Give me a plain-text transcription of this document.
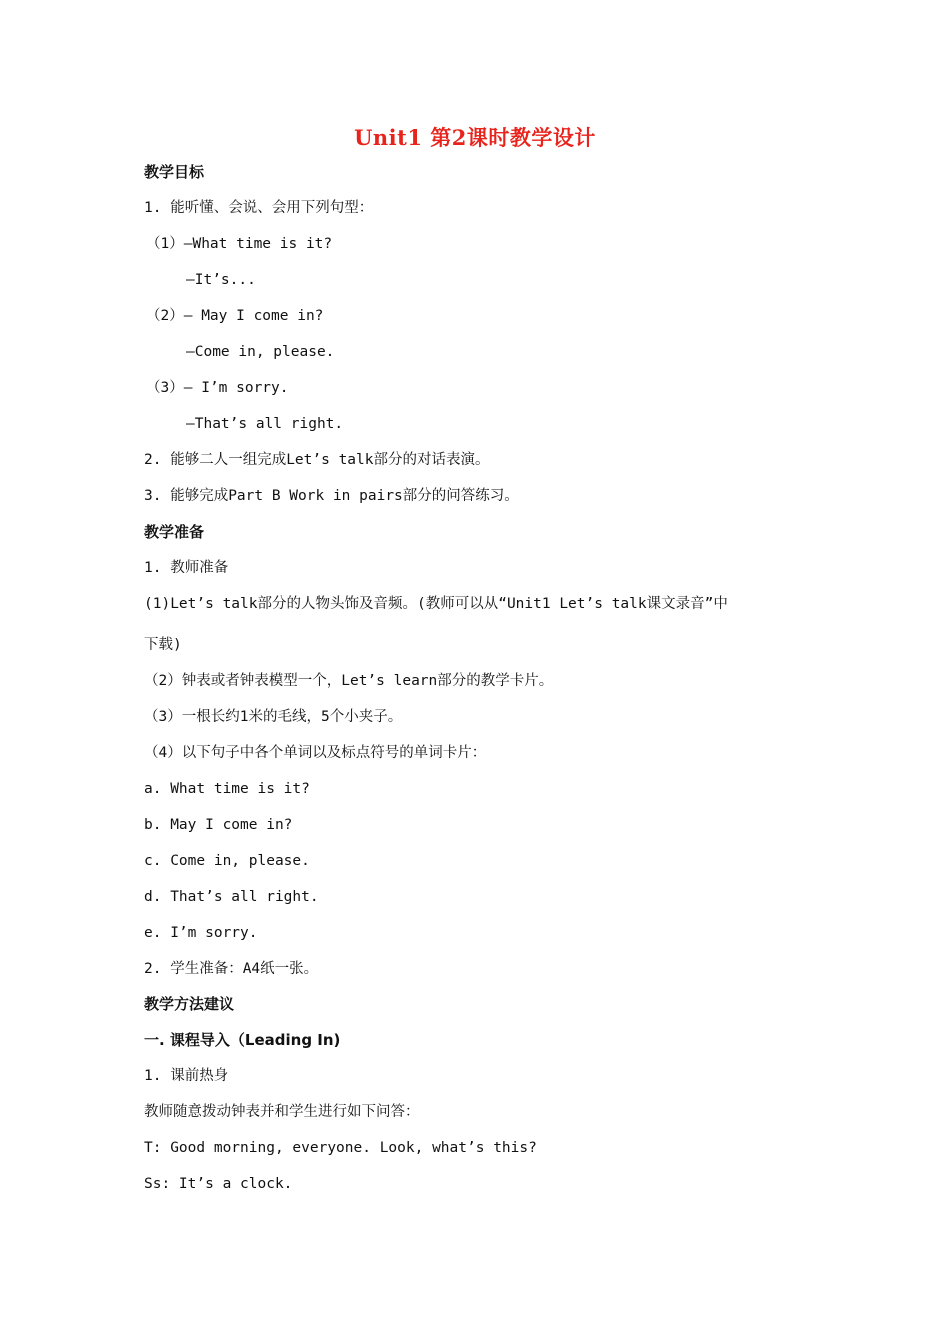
Unit1 第2课时教学设计
教学目标
1. 能听懂、会说、会用下列句型：
（1）—What time is it?
—It’s...
（2）— May I come in?
—Come in, please.
（3）— I’m sorry.
—That’s all right.
2. 能够二人一组完成Let’s talk部分的对话表演。
3. 能够完成Part B Work in pairs部分的问答练习。
教学准备
1. 教师准备
(1)Let’s talk部分的人物头饰及音频。(教师可以从“Unit1 Let’s talk课文录音”中
下载)
（2）钟表或者钟表模型一个，Let’s learn部分的教学卡片。
（3）一根长约1米的毛线，5个小夹子。
（4）以下句子中各个单词以及标点符号的单词卡片：
a. What time is it?
b. May I come in?
c. Come in, please.
d. That’s all right.
e. I’m sorry.
2. 学生准备：A4纸一张。
教学方法建议
一. 课程导入（Leading In)
1. 课前热身
教师随意拨动钟表并和学生进行如下问答：
T: Good morning, everyone. Look, what’s this?
Ss: It’s a clock.
